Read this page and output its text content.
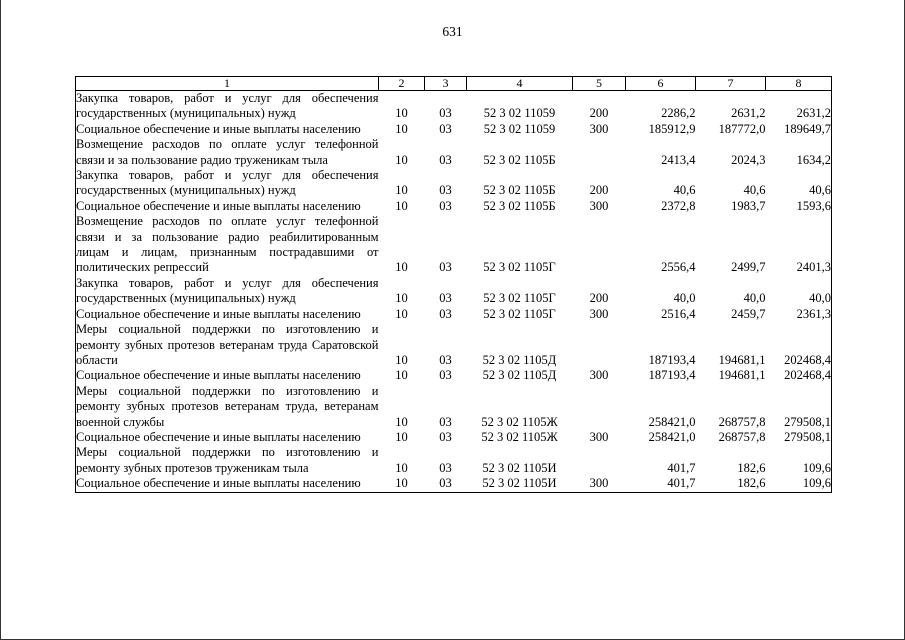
631
1	2	3	4	5	6	7	8
Закупка товаров, работ и услуг для обеспечения государственных (муниципальных) нужд	10	03	52 3 02 11059	200	2286,2	2631,2	2631,2
Социальное обеспечение и иные выплаты населению	10	03	52 3 02 11059	300	185912,9	187772,0	189649,7
Возмещение расходов по оплате услуг телефонной связи и за пользование радио труженикам тыла	10	03	52 3 02 1105Б		2413,4	2024,3	1634,2
Закупка товаров, работ и услуг для обеспечения государственных (муниципальных) нужд	10	03	52 3 02 1105Б	200	40,6	40,6	40,6
Социальное обеспечение и иные выплаты населению	10	03	52 3 02 1105Б	300	2372,8	1983,7	1593,6
Возмещение расходов по оплате услуг телефонной связи и за пользование радио реабилитированным лицам и лицам, признанным пострадавшими от политических репрессий	10	03	52 3 02 1105Г		2556,4	2499,7	2401,3
Закупка товаров, работ и услуг для обеспечения государственных (муниципальных) нужд	10	03	52 3 02 1105Г	200	40,0	40,0	40,0
Социальное обеспечение и иные выплаты населению	10	03	52 3 02 1105Г	300	2516,4	2459,7	2361,3
Меры социальной поддержки по изготовлению и ремонту зубных протезов ветеранам труда Саратовской области	10	03	52 3 02 1105Д		187193,4	194681,1	202468,4
Социальное обеспечение и иные выплаты населению	10	03	52 3 02 1105Д	300	187193,4	194681,1	202468,4
Меры социальной поддержки по изготовлению и ремонту зубных протезов ветеранам труда, ветеранам военной службы	10	03	52 3 02 1105Ж		258421,0	268757,8	279508,1
Социальное обеспечение и иные выплаты населению	10	03	52 3 02 1105Ж	300	258421,0	268757,8	279508,1
Меры социальной поддержки по изготовлению и ремонту зубных протезов труженикам тыла	10	03	52 3 02 1105И		401,7	182,6	109,6
Социальное обеспечение и иные выплаты населению	10	03	52 3 02 1105И	300	401,7	182,6	109,6
